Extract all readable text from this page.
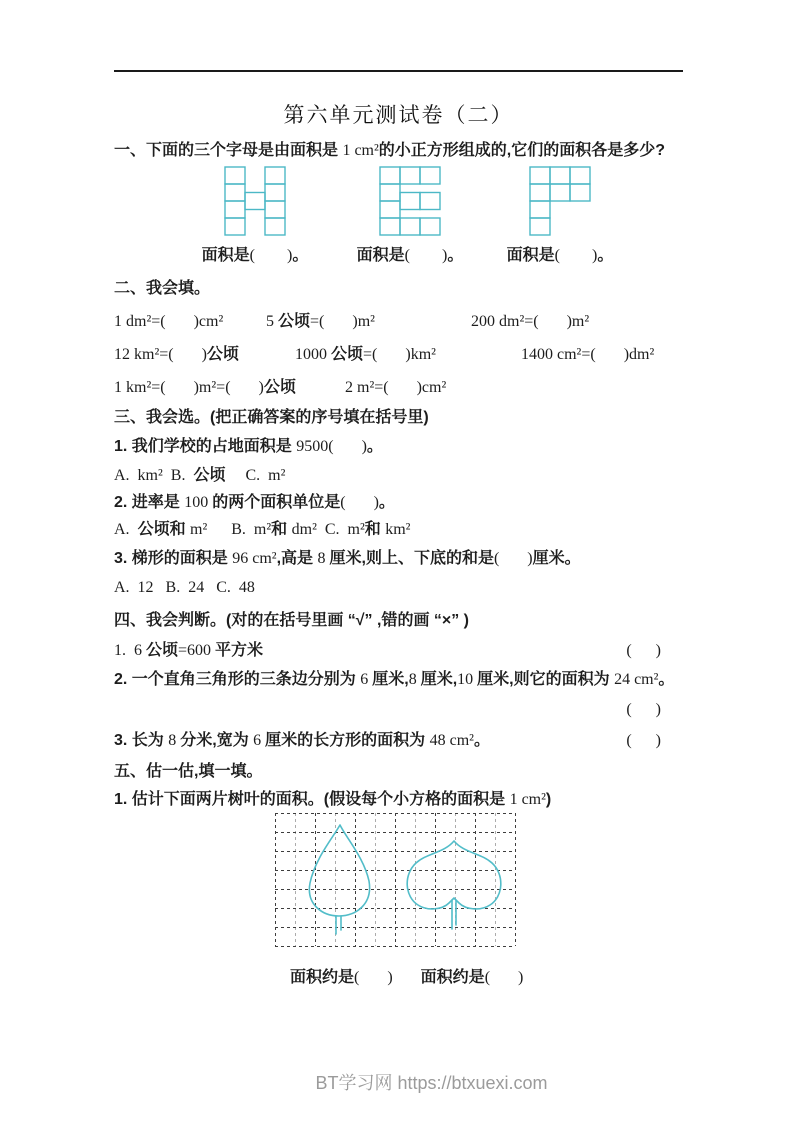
第六单元测试卷（二）
一、下面的三个字母是由面积是 1 cm²的小正方形组成的,它们的面积各是多少?
面积是(        )。	面积是(        )。	面积是(        )。
二、我会填。
1 dm²=(       )cm²	5 公顷=(       )m²	200 dm²=(       )m²
12 km²=(       )公顷	1000 公顷=(       )km²	1400 cm²=(       )dm²
1 km²=(       )m²=(       )公顷	2 m²=(       )cm²
三、我会选。(把正确答案的序号填在括号里)
1. 我们学校的占地面积是 9500(       )。
A.  km²  B.  公顷     C.  m²
2. 进率是 100 的两个面积单位是(       )。
A.  公顷和 m²      B.  m²和 dm²  C.  m²和 km²
3. 梯形的面积是 96 cm²,高是 8 厘米,则上、下底的和是(       )厘米。
A.  12   B.  24   C.  48
四、我会判断。(对的在括号里画 “√” ,错的画 “×” )
1.  6 公顷=600 平方米	(      )
2. 一个直角三角形的三条边分别为 6 厘米,8 厘米,10 厘米,则它的面积为 24 cm²。
(      )
3. 长为 8 分米,宽为 6 厘米的长方形的面积为 48 cm²。	(      )
五、估一估,填一填。
1. 估计下面两片树叶的面积。(假设每个小方格的面积是 1 cm²)
面积约是(       ) 面积约是(       )
BT学习网 https://btxuexi.com
